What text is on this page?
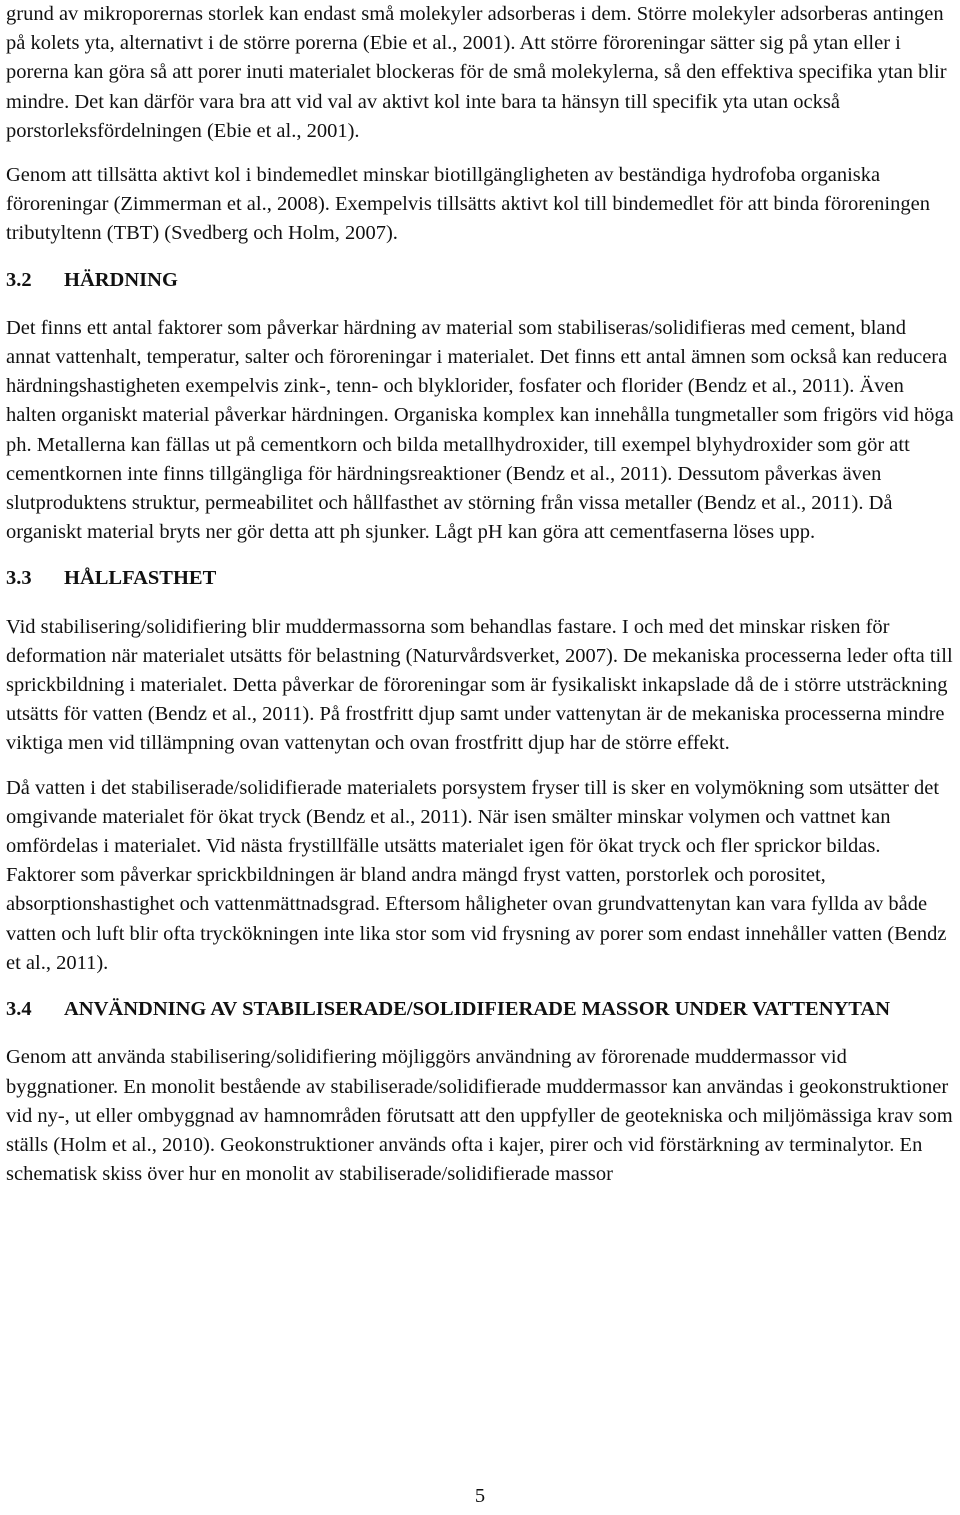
grund av mikroporernas storlek kan endast små molekyler adsorberas i dem. Större molekyler adsorberas antingen på kolets yta, alternativt i de större porerna (Ebie et al., 2001). Att större föroreningar sätter sig på ytan eller i porerna kan göra så att porer inuti materialet blockeras för de små molekylerna, så den effektiva specifika ytan blir mindre. Det kan därför vara bra att vid val av aktivt kol inte bara ta hänsyn till specifik yta utan också porstorleksfördelningen (Ebie et al., 2001).

Genom att tillsätta aktivt kol i bindemedlet minskar biotillgängligheten av beständiga hydrofoba organiska föroreningar (Zimmerman et al., 2008). Exempelvis tillsätts aktivt kol till bindemedlet för att binda föroreningen tributyltenn (TBT) (Svedberg och Holm, 2007).

3.2	HÄRDNING

Det finns ett antal faktorer som påverkar härdning av material som stabiliseras/solidifieras med cement, bland annat vattenhalt, temperatur, salter och föroreningar i materialet. Det finns ett antal ämnen som också kan reducera härdningshastigheten exempelvis zink-, tenn- och blyklorider, fosfater och florider (Bendz et al., 2011). Även halten organiskt material påverkar härdningen. Organiska komplex kan innehålla tungmetaller som frigörs vid höga ph. Metallerna kan fällas ut på cementkorn och bilda metallhydroxider, till exempel blyhydroxider som gör att cementkornen inte finns tillgängliga för härdningsreaktioner (Bendz et al., 2011). Dessutom påverkas även slutproduktens struktur, permeabilitet och hållfasthet av störning från vissa metaller (Bendz et al., 2011). Då organiskt material bryts ner gör detta att ph sjunker. Lågt pH kan göra att cementfaserna löses upp.

3.3	HÅLLFASTHET

Vid stabilisering/solidifiering blir muddermassorna som behandlas fastare. I och med det minskar risken för deformation när materialet utsätts för belastning (Naturvårdsverket, 2007). De mekaniska processerna leder ofta till sprickbildning i materialet. Detta påverkar de föroreningar som är fysikaliskt inkapslade då de i större utsträckning utsätts för vatten (Bendz et al., 2011). På frostfritt djup samt under vattenytan är de mekaniska processerna mindre viktiga men vid tillämpning ovan vattenytan och ovan frostfritt djup har de större effekt.

Då vatten i det stabiliserade/solidifierade materialets porsystem fryser till is sker en volymökning som utsätter det omgivande materialet för ökat tryck (Bendz et al., 2011). När isen smälter minskar volymen och vattnet kan omfördelas i materialet. Vid nästa frystillfälle utsätts materialet igen för ökat tryck och fler sprickor bildas. Faktorer som påverkar sprickbildningen är bland andra mängd fryst vatten, porstorlek och porositet, absorptionshastighet och vattenmättnadsgrad. Eftersom håligheter ovan grundvattenytan kan vara fyllda av både vatten och luft blir ofta tryckökningen inte lika stor som vid frysning av porer som endast innehåller vatten (Bendz et al., 2011).

3.4	ANVÄNDNING AV STABILISERADE/SOLIDIFIERADE MASSOR UNDER VATTENYTAN

Genom att använda stabilisering/solidifiering möjliggörs användning av förorenade muddermassor vid byggnationer. En monolit bestående av stabiliserade/solidifierade muddermassor kan användas i geokonstruktioner vid ny-, ut eller ombyggnad av hamnområden förutsatt att den uppfyller de geotekniska och miljömässiga krav som ställs (Holm et al., 2010). Geokonstruktioner används ofta i kajer, pirer och vid förstärkning av terminalytor. En schematisk skiss över hur en monolit av stabiliserade/solidifierade massor

5
